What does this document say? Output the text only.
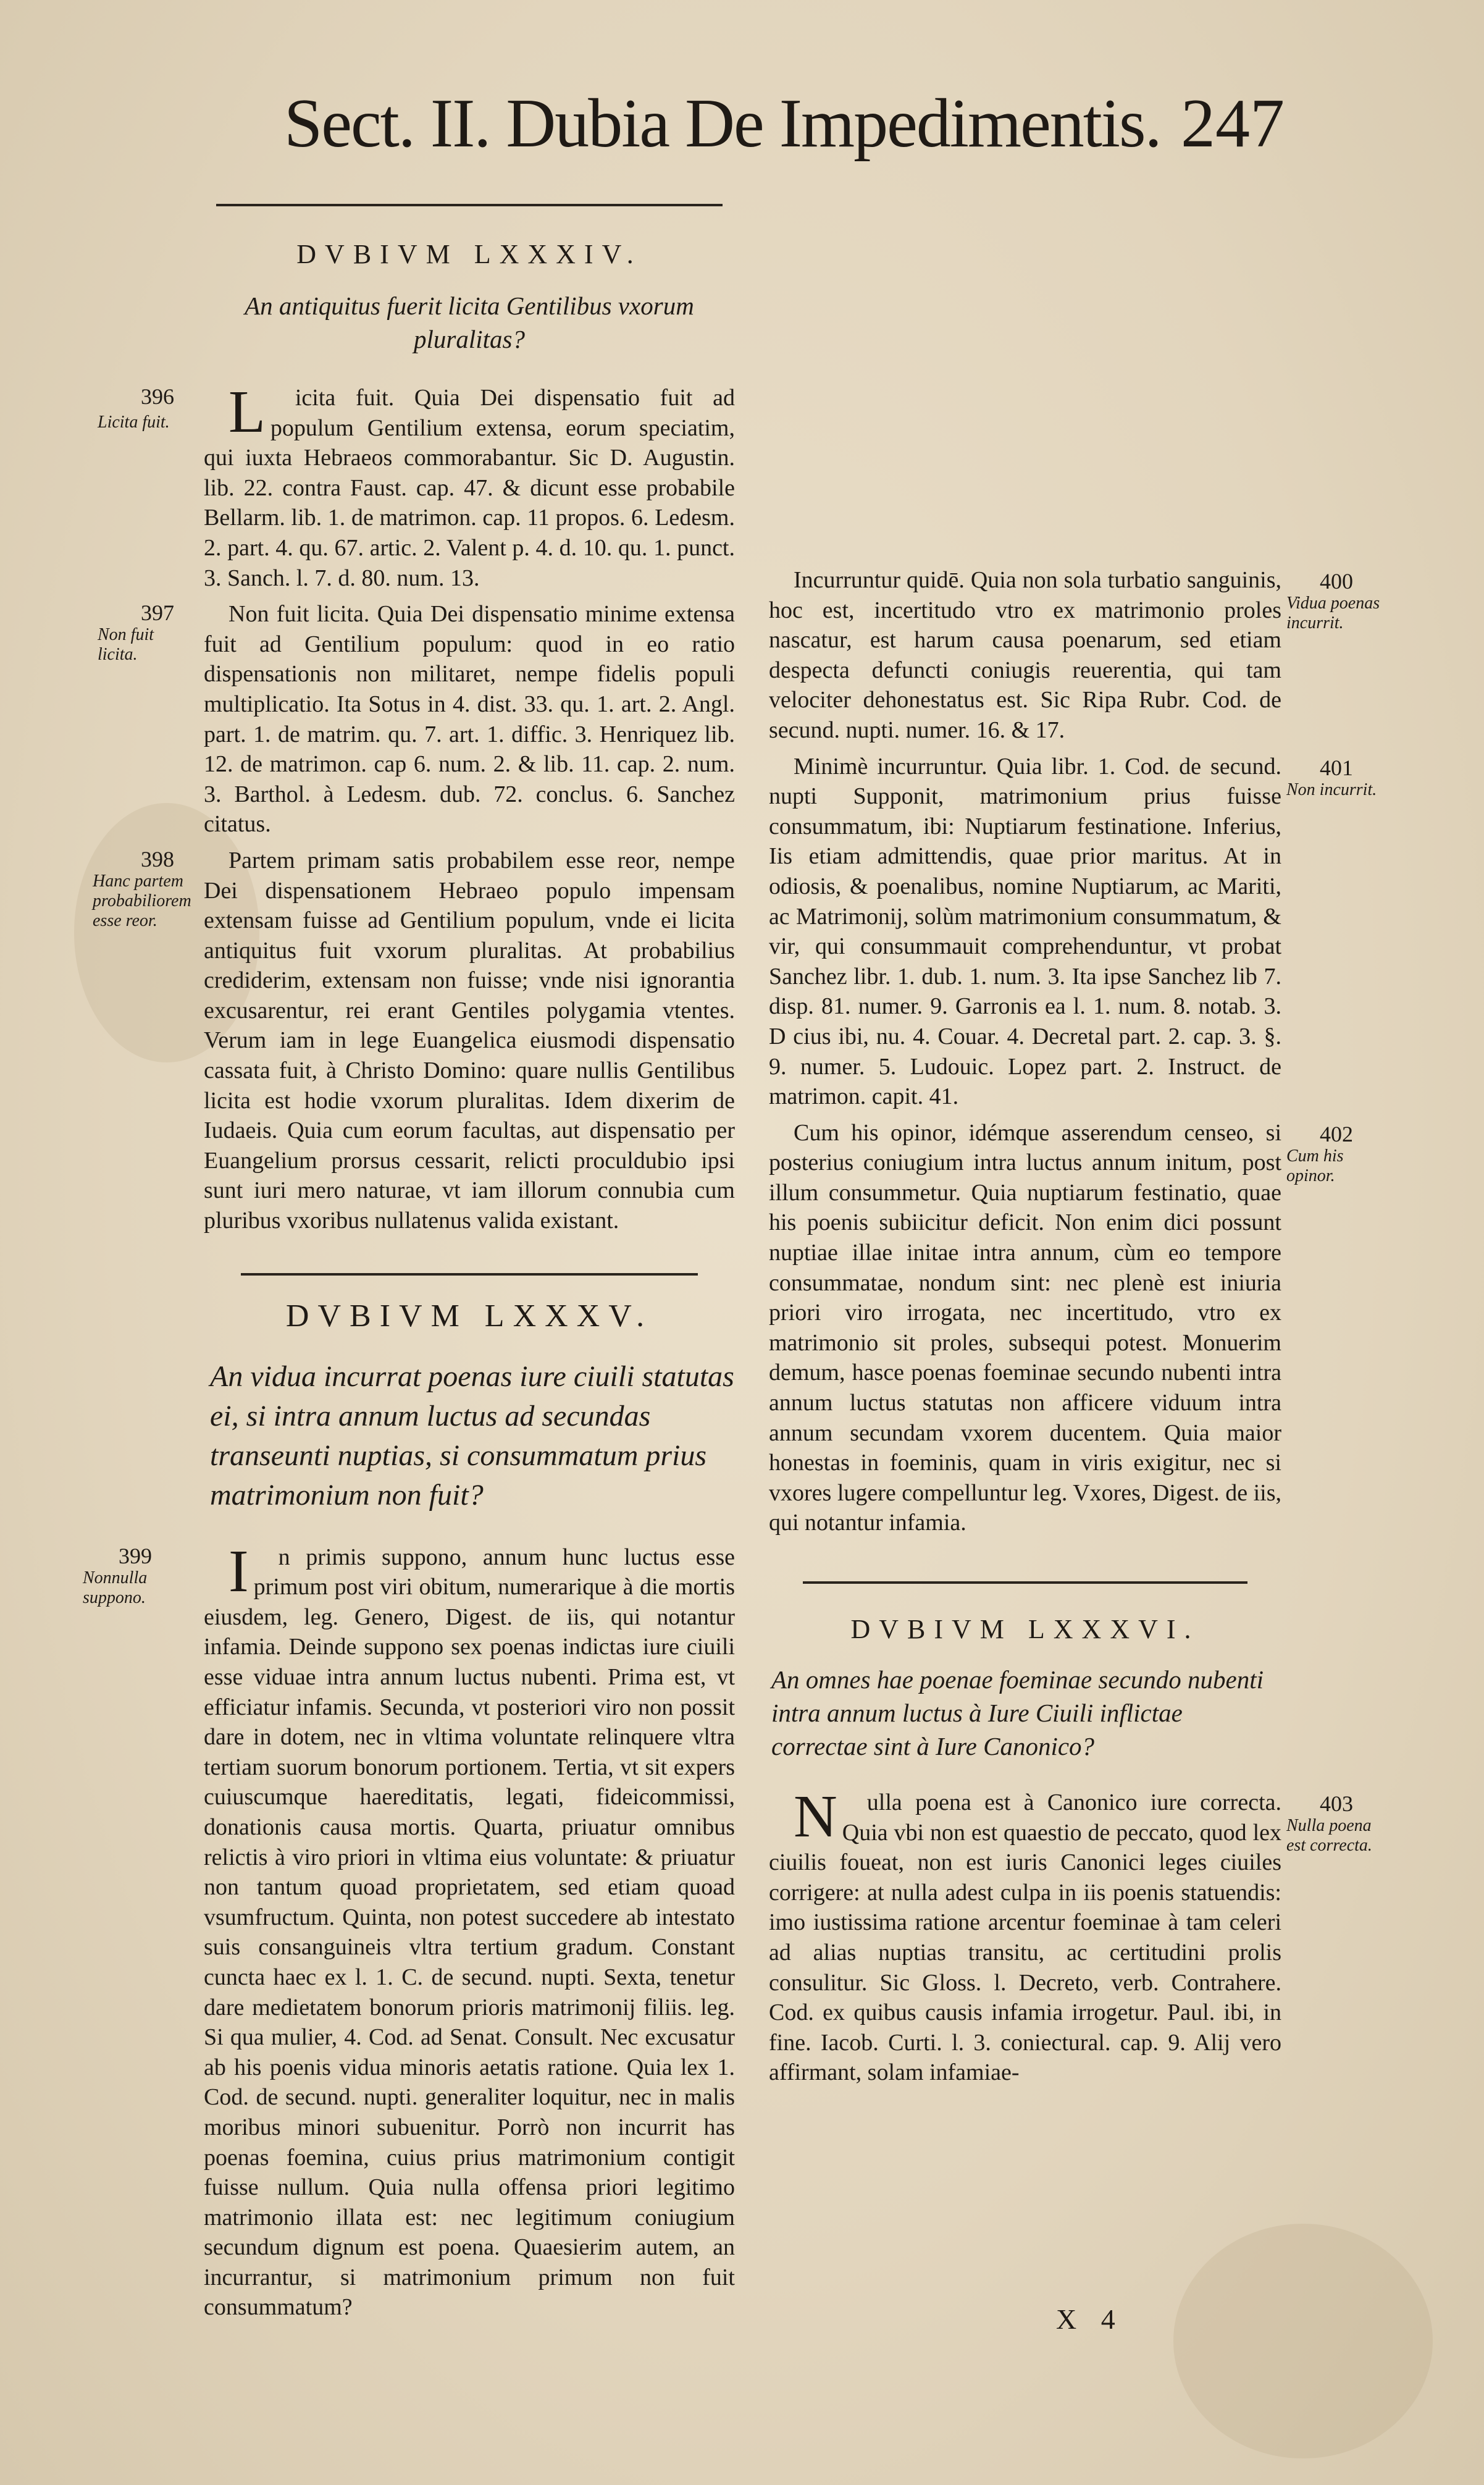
Sect. II. Dubia De Impedimentis. 247
DVBIVM LXXXIV.
An antiquitus fuerit licita Gentilibus vxorum pluralitas?
396
Licita fuit.	Licita fuit. Quia Dei dispensatio fuit ad populum Gentilium extensa, eorum speciatim, qui iuxta Hebraeos commorabantur. Sic D. Augustin. lib. 22. contra Faust. cap. 47. & dicunt esse probabile Bellarm. lib. 1. de matrimon. cap. 11 propos. 6. Ledesm. 2. part. 4. qu. 67. artic. 2. Valent p. 4. d. 10. qu. 1. punct. 3. Sanch. l. 7. d. 80. num. 13.
397
Non fuit licita.
Non fuit licita. Quia Dei dispensatio minime extensa fuit ad Gentilium populum: quod in eo ratio dispensationis non militaret, nempe fidelis populi multiplicatio. Ita Sotus in 4. dist. 33. qu. 1. art. 2. Angl. part. 1. de matrim. qu. 7. art. 1. diffic. 3. Henriquez lib. 12. de matrimon. cap 6. num. 2. & lib. 11. cap. 2. num. 3. Barthol. à Ledesm. dub. 72. conclus. 6. Sanchez citatus.
398
Hanc partem probabiliorem esse reor.
Partem primam satis probabilem esse reor, nempe Dei dispensationem Hebraeo populo impensam extensam fuisse ad Gentilium populum, vnde ei licita antiquitus fuit vxorum pluralitas. At probabilius crediderim, extensam non fuisse; vnde nisi ignorantia excusarentur, rei erant Gentiles polygamia vtentes. Verum iam in lege Euangelica eiusmodi dispensatio cassata fuit, à Christo Domino: quare nullis Gentilibus licita est hodie vxorum pluralitas. Idem dixerim de Iudaeis. Quia cum eorum facultas, aut dispensatio per Euangelium prorsus cessarit, relicti proculdubio ipsi sunt iuri mero naturae, vt iam illorum connubia cum pluribus vxoribus nullatenus valida existant.
DVBIVM LXXXV.
An vidua incurrat poenas iure ciuili statutas ei, si intra annum luctus ad secundas transeunti nuptias, si consummatum prius matrimonium non fuit?
399
Nonnulla suppono.	In primis suppono, annum hunc luctus esse primum post viri obitum, numerarique à die mortis eiusdem, leg. Genero, Digest. de iis, qui notantur infamia. Deinde suppono sex poenas indictas iure ciuili esse viduae intra annum luctus nubenti. Prima est, vt efficiatur infamis. Secunda, vt posteriori viro non possit dare in dotem, nec in vltima voluntate relinquere vltra tertiam suorum bonorum portionem. Tertia, vt sit expers cuiuscumque haereditatis, legati, fideicommissi, donationis causa mortis. Quarta, priuatur omnibus relictis à viro priori in vltima eius voluntate: & priuatur non tantum quoad proprietatem, sed etiam quoad vsumfructum. Quinta, non potest succedere ab intestato suis consanguineis vltra tertium gradum. Constant cuncta haec ex l. 1. C. de secund. nupti. Sexta, tenetur dare medietatem bonorum prioris matrimonij filiis. leg. Si qua mulier, 4. Cod. ad Senat. Consult. Nec excusatur ab his poenis vidua minoris aetatis ratione. Quia lex 1. Cod. de secund. nupti. generaliter loquitur, nec in malis moribus minori subuenitur. Porrò non incurrit has poenas foemina, cuius prius matrimonium contigit fuisse nullum. Quia nulla offensa priori legitimo matrimonio illata est: nec legitimum coniugium secundum dignum est poena. Quaesierim autem, an incurrantur, si matrimonium primum non fuit consummatum?
400
Vidua poenas incurrit.
Incurruntur quidē. Quia non sola turbatio sanguinis, hoc est, incertitudo vtro ex matrimonio proles nascatur, est harum causa poenarum, sed etiam despecta defuncti coniugis reuerentia, qui tam velociter dehonestatus est. Sic Ripa Rubr. Cod. de secund. nupti. numer. 16. & 17.
401
Non incurrit.
Minimè incurruntur. Quia libr. 1. Cod. de secund. nupti Supponit, matrimonium prius fuisse consummatum, ibi: Nuptiarum festinatione. Inferius, Iis etiam admittendis, quae prior maritus. At in odiosis, & poenalibus, nomine Nuptiarum, ac Mariti, ac Matrimonij, solùm matrimonium consummatum, & vir, qui consummauit comprehenduntur, vt probat Sanchez libr. 1. dub. 1. num. 3. Ita ipse Sanchez lib 7. disp. 81. numer. 9. Garronis ea l. 1. num. 8. notab. 3. D cius ibi, nu. 4. Couar. 4. Decretal part. 2. cap. 3. §. 9. numer. 5. Ludouic. Lopez part. 2. Instruct. de matrimon. capit. 41.
402
Cum his opinor.
Cum his opinor, idémque asserendum censeo, si posterius coniugium intra luctus annum initum, post illum consummetur. Quia nuptiarum festinatio, quae his poenis subiicitur deficit. Non enim dici possunt nuptiae illae initae intra annum, cùm eo tempore consummatae, nondum sint: nec plenè est iniuria priori viro irrogata, nec incertitudo, vtro ex matrimonio sit proles, subsequi potest. Monuerim demum, hasce poenas foeminae secundo nubenti intra annum luctus statutas non afficere viduum intra annum secundam vxorem ducentem. Quia maior honestas in foeminis, quam in viris exigitur, nec si vxores lugere compelluntur leg. Vxores, Digest. de iis, qui notantur infamia.
DVBIVM LXXXVI.
An omnes hae poenae foeminae secundo nubenti intra annum luctus à Iure Ciuili inflictae correctae sint à Iure Canonico?
403
Nulla poena est correcta.
Nulla poena est à Canonico iure correcta. Quia vbi non est quaestio de peccato, quod lex ciuilis foueat, non est iuris Canonici leges ciuiles corrigere: at nulla adest culpa in iis poenis statuendis: imo iustissima ratione arcentur foeminae à tam celeri ad alias nuptias transitu, ac certitudini prolis consulitur. Sic Gloss. l. Decreto, verb. Contrahere. Cod. ex quibus causis infamia irrogetur. Paul. ibi, in fine. Iacob. Curti. l. 3. coniectural. cap. 9. Alij vero affirmant, solam infamiae-
X 4
